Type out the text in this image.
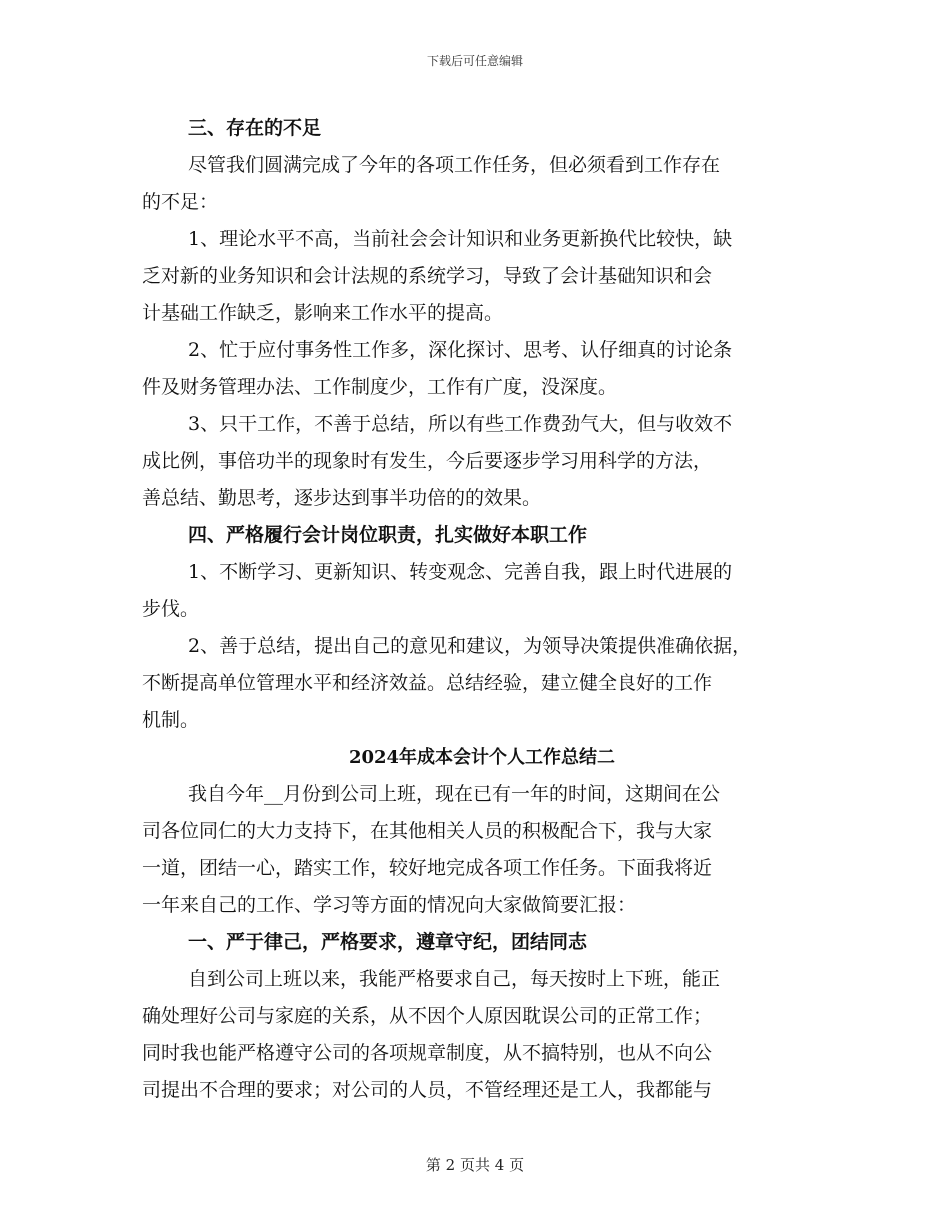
下载后可任意编辑
三、存在的不足
尽管我们圆满完成了今年的各项工作任务，但必须看到工作存在
的不足：
1、理论水平不高，当前社会会计知识和业务更新换代比较快，缺
乏对新的业务知识和会计法规的系统学习，导致了会计基础知识和会
计基础工作缺乏，影响来工作水平的提高。
2、忙于应付事务性工作多，深化探讨、思考、认仔细真的讨论条
件及财务管理办法、工作制度少，工作有广度，没深度。
3、只干工作，不善于总结，所以有些工作费劲气大，但与收效不
成比例，事倍功半的现象时有发生，今后要逐步学习用科学的方法，
善总结、勤思考，逐步达到事半功倍的的效果。
四、严格履行会计岗位职责，扎实做好本职工作
1、不断学习、更新知识、转变观念、完善自我，跟上时代进展的
步伐。
2、善于总结，提出自己的意见和建议，为领导决策提供准确依据，
不断提高单位管理水平和经济效益。总结经验，建立健全良好的工作
机制。
2024年成本会计个人工作总结二
我自今年__月份到公司上班，现在已有一年的时间，这期间在公
司各位同仁的大力支持下，在其他相关人员的积极配合下，我与大家
一道，团结一心，踏实工作，较好地完成各项工作任务。下面我将近
一年来自己的工作、学习等方面的情况向大家做简要汇报：
一、严于律己，严格要求，遵章守纪，团结同志
自到公司上班以来，我能严格要求自己，每天按时上下班，能正
确处理好公司与家庭的关系，从不因个人原因耽误公司的正常工作；
同时我也能严格遵守公司的各项规章制度，从不搞特别，也从不向公
司提出不合理的要求；对公司的人员，不管经理还是工人，我都能与
第 2 页共 4 页
